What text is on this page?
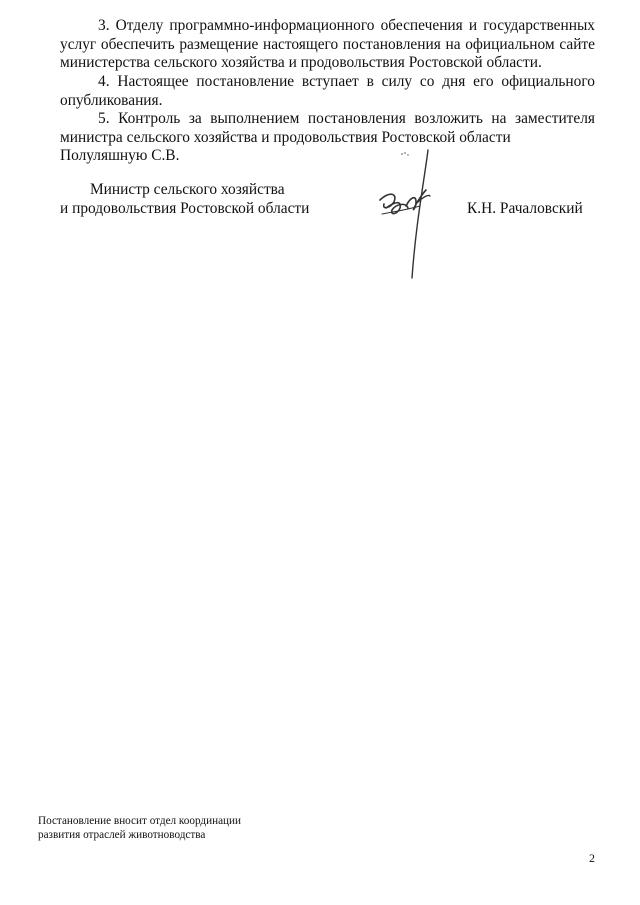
3. Отделу программно-информационного обеспечения и государственных услуг обеспечить размещение настоящего постановления на официальном сайте министерства сельского хозяйства и продовольствия Ростовской области.
4. Настоящее постановление вступает в силу со дня его официального опубликования.
5. Контроль за выполнением постановления возложить на заместителя министра сельского хозяйства и продовольствия Ростовской области
Полуляшную С.В.
Министр сельского хозяйства
и продовольствия Ростовской области	К.Н. Рачаловский
Постановление вносит отдел координации
развития отраслей животноводства
2
